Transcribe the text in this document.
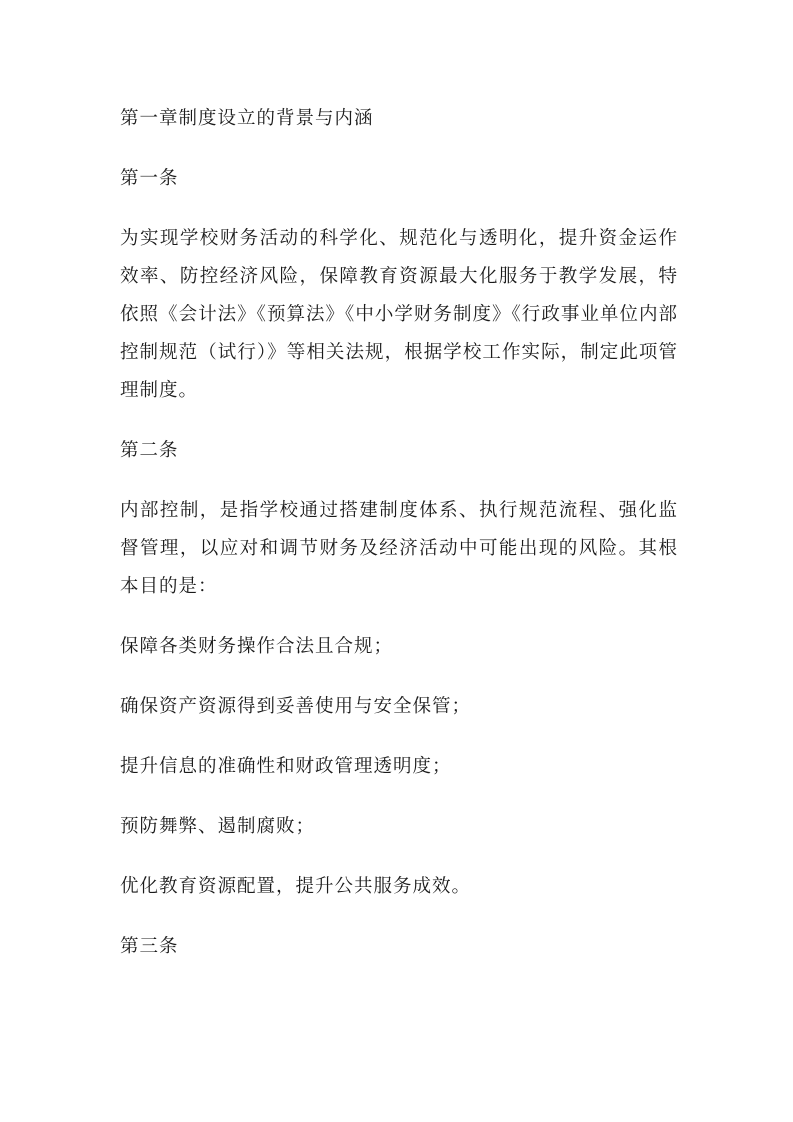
第一章制度设立的背景与内涵

第一条

为实现学校财务活动的科学化、规范化与透明化，提升资金运作效率、防控经济风险，保障教育资源最大化服务于教学发展，特依照《会计法》《预算法》《中小学财务制度》《行政事业单位内部控制规范（试行）》等相关法规，根据学校工作实际，制定此项管理制度。

第二条

内部控制，是指学校通过搭建制度体系、执行规范流程、强化监督管理，以应对和调节财务及经济活动中可能出现的风险。其根本目的是：

保障各类财务操作合法且合规；

确保资产资源得到妥善使用与安全保管；

提升信息的准确性和财政管理透明度；

预防舞弊、遏制腐败；

优化教育资源配置，提升公共服务成效。

第三条
